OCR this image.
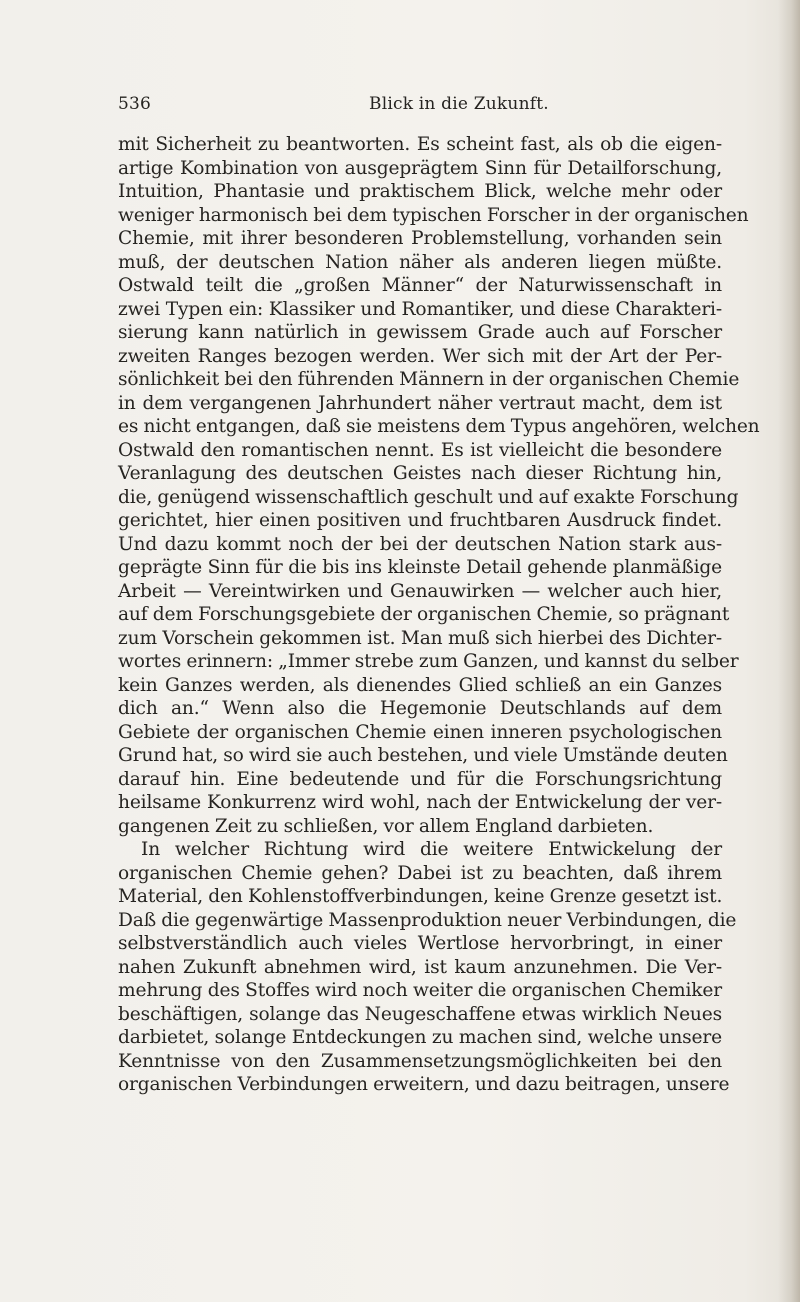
536	Blick in die Zukunft.
mit Sicherheit zu beantworten. Es scheint fast, als ob die eigen-
artige Kombination von ausgeprägtem Sinn für Detailforschung,
Intuition, Phantasie und praktischem Blick, welche mehr oder
weniger harmonisch bei dem typischen Forscher in der organischen
Chemie, mit ihrer besonderen Problemstellung, vorhanden sein
muß, der deutschen Nation näher als anderen liegen müßte.
Ostwald teilt die „großen Männer“ der Naturwissenschaft in
zwei Typen ein: Klassiker und Romantiker, und diese Charakteri-
sierung kann natürlich in gewissem Grade auch auf Forscher
zweiten Ranges bezogen werden. Wer sich mit der Art der Per-
sönlichkeit bei den führenden Männern in der organischen Chemie
in dem vergangenen Jahrhundert näher vertraut macht, dem ist
es nicht entgangen, daß sie meistens dem Typus angehören, welchen
Ostwald den romantischen nennt. Es ist vielleicht die besondere
Veranlagung des deutschen Geistes nach dieser Richtung hin,
die, genügend wissenschaftlich geschult und auf exakte Forschung
gerichtet, hier einen positiven und fruchtbaren Ausdruck findet.
Und dazu kommt noch der bei der deutschen Nation stark aus-
geprägte Sinn für die bis ins kleinste Detail gehende planmäßige
Arbeit — Vereintwirken und Genauwirken — welcher auch hier,
auf dem Forschungsgebiete der organischen Chemie, so prägnant
zum Vorschein gekommen ist. Man muß sich hierbei des Dichter-
wortes erinnern: „Immer strebe zum Ganzen, und kannst du selber
kein Ganzes werden, als dienendes Glied schließ an ein Ganzes
dich an.“ Wenn also die Hegemonie Deutschlands auf dem
Gebiete der organischen Chemie einen inneren psychologischen
Grund hat, so wird sie auch bestehen, und viele Umstände deuten
darauf hin. Eine bedeutende und für die Forschungsrichtung
heilsame Konkurrenz wird wohl, nach der Entwickelung der ver-
gangenen Zeit zu schließen, vor allem England darbieten.
In welcher Richtung wird die weitere Entwickelung der
organischen Chemie gehen? Dabei ist zu beachten, daß ihrem
Material, den Kohlenstoffverbindungen, keine Grenze gesetzt ist.
Daß die gegenwärtige Massenproduktion neuer Verbindungen, die
selbstverständlich auch vieles Wertlose hervorbringt, in einer
nahen Zukunft abnehmen wird, ist kaum anzunehmen. Die Ver-
mehrung des Stoffes wird noch weiter die organischen Chemiker
beschäftigen, solange das Neugeschaffene etwas wirklich Neues
darbietet, solange Entdeckungen zu machen sind, welche unsere
Kenntnisse von den Zusammensetzungsmöglichkeiten bei den
organischen Verbindungen erweitern, und dazu beitragen, unsere
